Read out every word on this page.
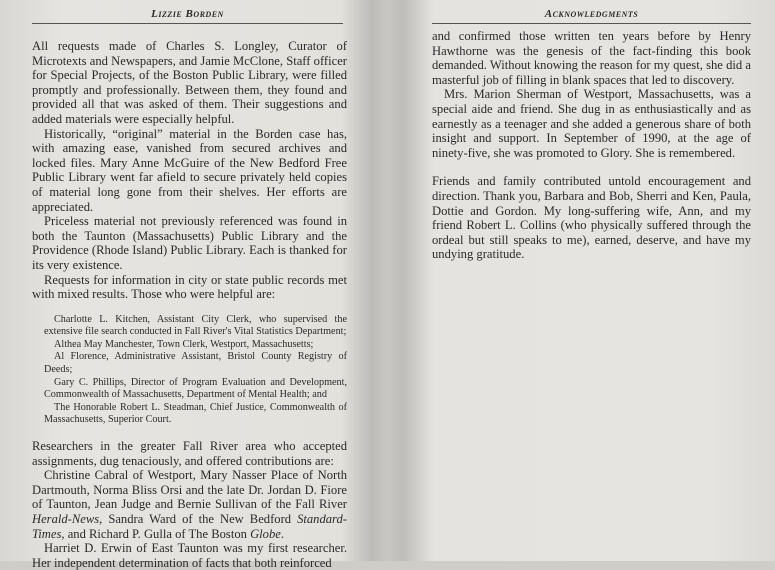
Lizzie Borden

All requests made of Charles S. Longley, Curator of Microtexts and Newspapers, and Jamie McClone, Staff officer for Special Projects, of the Boston Public Library, were filled promptly and professionally. Between them, they found and provided all that was asked of them. Their suggestions and added materials were especially helpful.

Historically, “original” material in the Borden case has, with amazing ease, vanished from secured archives and locked files. Mary Anne McGuire of the New Bedford Free Public Library went far afield to secure privately held copies of material long gone from their shelves. Her efforts are appreciated.

Priceless material not previously referenced was found in both the Taunton (Massachusetts) Public Library and the Providence (Rhode Island) Public Library. Each is thanked for its very existence.

Requests for information in city or state public records met with mixed results. Those who were helpful are:

Charlotte L. Kitchen, Assistant City Clerk, who supervised the extensive file search conducted in Fall River's Vital Statistics Department;

Althea May Manchester, Town Clerk, Westport, Massachusetts;

Al Florence, Administrative Assistant, Bristol County Registry of Deeds;

Gary C. Phillips, Director of Program Evaluation and Development, Commonwealth of Massachusetts, Department of Mental Health; and

The Honorable Robert L. Steadman, Chief Justice, Commonwealth of Massachusetts, Superior Court.

Researchers in the greater Fall River area who accepted assignments, dug tenaciously, and offered contributions are:

Christine Cabral of Westport, Mary Nasser Place of North Dartmouth, Norma Bliss Orsi and the late Dr. Jordan D. Fiore of Taunton, Jean Judge and Bernie Sullivan of the Fall River Herald-News, Sandra Ward of the New Bedford Standard-Times, and Richard P. Gulla of The Boston Globe.

Harriet D. Erwin of East Taunton was my first researcher. Her independent determination of facts that both reinforced

Acknowledgments

and confirmed those written ten years before by Henry Hawthorne was the genesis of the fact-finding this book demanded. Without knowing the reason for my quest, she did a masterful job of filling in blank spaces that led to discovery.

Mrs. Marion Sherman of Westport, Massachusetts, was a special aide and friend. She dug in as enthusiastically and as earnestly as a teenager and she added a generous share of both insight and support. In September of 1990, at the age of ninety-five, she was promoted to Glory. She is remembered.

Friends and family contributed untold encouragement and direction. Thank you, Barbara and Bob, Sherri and Ken, Paula, Dottie and Gordon. My long-suffering wife, Ann, and my friend Robert L. Collins (who physically suffered through the ordeal but still speaks to me), earned, deserve, and have my undying gratitude.
